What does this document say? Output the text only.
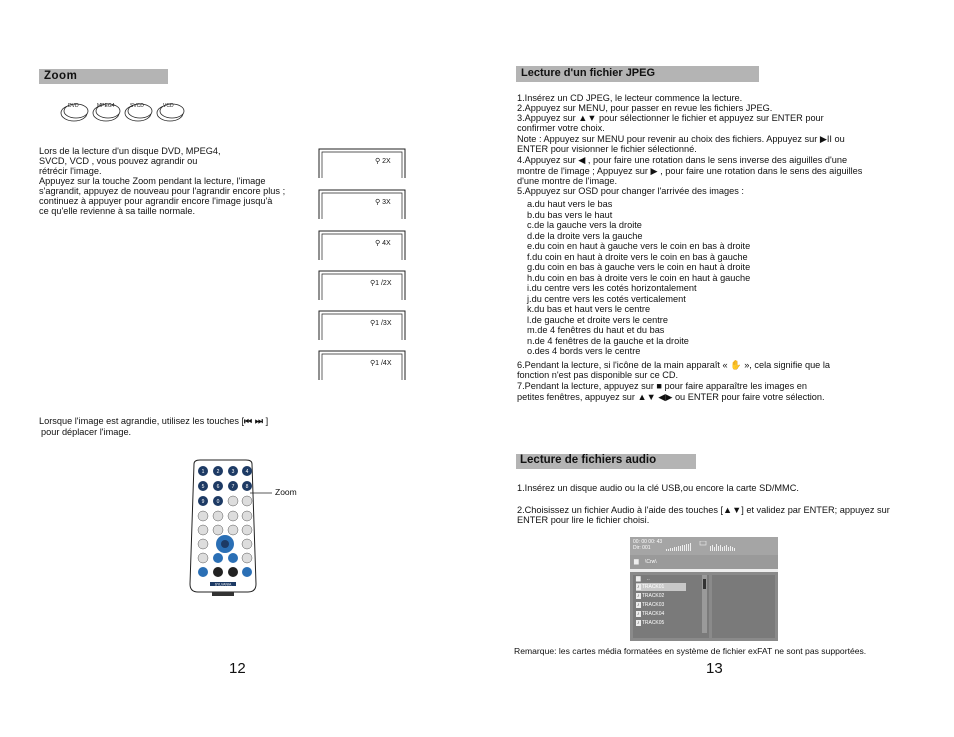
Zoom
DVD	MPEG4	SVCD	VCD
Lors de la lecture d'un disque DVD, MPEG4,
SVCD, VCD , vous pouvez agrandir ou
rétrécir l'image.
Appuyez sur la touche Zoom pendant la lecture, l'image
s'agrandit, appuyez de nouveau pour l'agrandir encore plus ;
continuez à appuyer pour agrandir encore l'image jusqu'à
ce qu'elle revienne à sa taille normale.
⚲ 2X
⚲ 3X
⚲ 4X
⚲1 /2X
⚲1 /3X
⚲1 /4X
Lorsque l'image est agrandie, utilisez les touches [⏮ ⏭ ]
pour déplacer l'image.
1 2 3 4
5 6 7 8
9 0
SYLVANIA
Zoom
12
Lecture d'un fichier JPEG
1.Insérez un CD JPEG, le lecteur commence la lecture.
2.Appuyez sur MENU, pour passer en revue les fichiers JPEG.
3.Appuyez sur ▲▼ pour sélectionner le fichier et appuyez sur ENTER pour
confirmer votre choix.
Note : Appuyez sur MENU pour revenir au choix des fichiers. Appuyez sur ▶II ou
ENTER pour visionner le fichier sélectionné.
4.Appuyez sur ◀ , pour faire une rotation dans le sens inverse des aiguilles d'une
montre de l'image ; Appuyez sur ▶ , pour faire une rotation dans le sens des aiguilles
d'une montre de l'image.
5.Appuyez sur OSD pour changer l'arrivée des images :
a.du haut vers le bas
b.du bas vers le haut
c.de la gauche vers la droite
d.de la droite vers la gauche
e.du coin en haut à gauche vers le coin en bas à droite
f.du coin en haut à droite vers le coin en bas à gauche
g.du coin en bas à gauche vers le coin en haut à droite
h.du coin en bas à droite vers le coin en haut à gauche
i.du centre vers les cotés horizontalement
j.du centre vers les cotés verticalement
k.du bas et haut vers le centre
l.de gauche et droite vers le centre
m.de 4 fenêtres du haut et du bas
n.de 4 fenêtres de la gauche et la droite
o.des 4 bords vers le centre
6.Pendant la lecture, si l'icône de la main apparaît « ✋ », cela signifie que la
fonction n'est pas disponible sur ce CD.
7.Pendant la lecture, appuyez sur ■ pour faire apparaître les images en
petites fenêtres, appuyez sur ▲▼ ◀▶ ou ENTER pour faire votre sélection.
Lecture de fichiers audio
1.Insérez un disque audio ou la clé USB,ou encore la carte SD/MMC.
2.Choisissez un fichier Audio à l'aide des touches [▲▼] et validez par ENTER; appuyez sur
ENTER pour lire le fichier choisi.
00: 00 00: 43
Dir: 001
▆ \Crw\
▆ ..
♪ TRACK01
♪ TRACK02
♪ TRACK03
♪ TRACK04
♪ TRACK05
Remarque: les cartes média formatées en système de fichier exFAT ne sont pas supportées.
13
